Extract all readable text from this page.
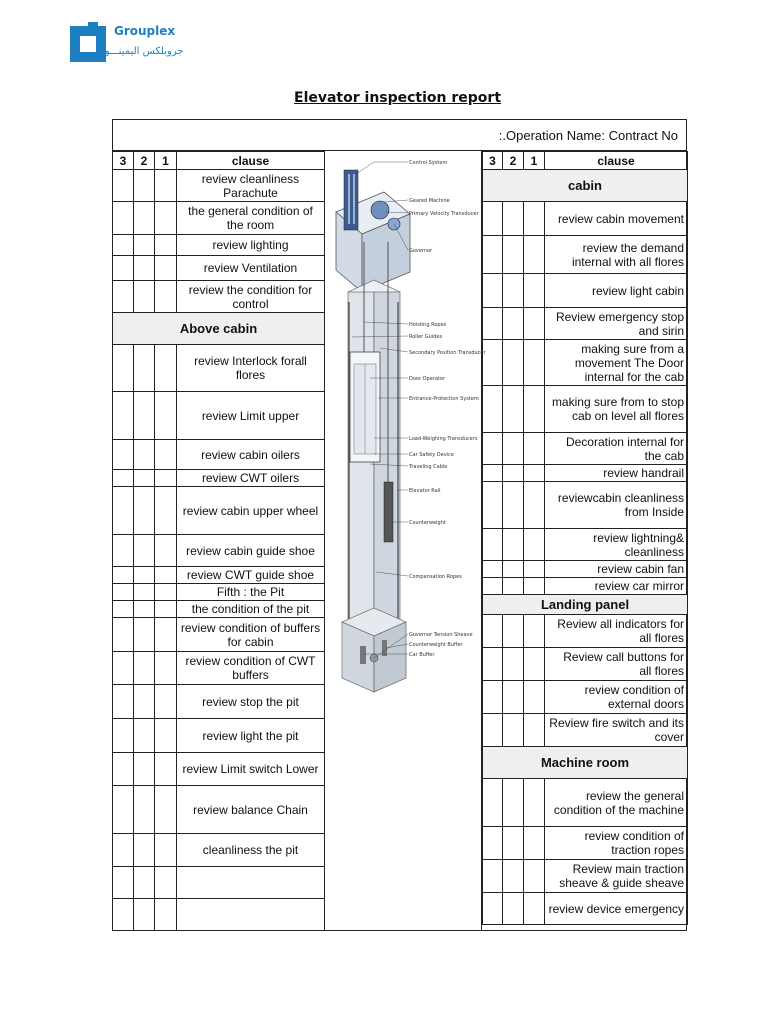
Grouplex
جروبلكس اليمينـــور
Elevator inspection report
:.Operation Name: Contract No
3	2	1	clause
			review cleanliness Parachute
			the general condition of the room
			review lighting
			review Ventilation
			review the condition for control
Above cabin			
			review Interlock forall flores
			review Limit upper
			review cabin oilers
			review CWT oilers
			review cabin upper wheel
			review cabin guide shoe
			review CWT guide shoe
			Fifth : the Pit
			the condition of the pit
			review condition of buffers for cabin
			review condition of CWT buffers
			review stop the pit
			review light the pit
			review Limit switch Lower
			review balance Chain
			cleanliness the pit

Control System
Geared Machine
Primary Velocity Transducer
Governor
Hoisting Ropes
Roller Guides
Secondary Position Transducer
Door Operator
Entrance-Protection System
Load-Weighing Transducers
Car Safety Device
Traveling Cable
Elevator Rail
Counterweight
Compensation Ropes
Governor Tension Sheave
Counterweight Buffer
Car Buffer
3	2	1	clause
cabin			
			review cabin movement
			review the demand internal with all flores
			review light cabin
			Review emergency stop and sirin
			making sure from a movement The Door internal for the cab
			making sure from to stop cab on level all flores
			Decoration internal for the cab
			review handrail
			reviewcabin cleanliness from Inside
			review lightning& cleanliness
			review cabin fan
			review car mirror
Landing panel			
			Review all indicators for all flores
			Review call buttons for all flores
			review condition of external doors
			Review fire switch and its cover
Machine room			
			review the general condition of the machine
			review condition of traction ropes
			Review main traction sheave & guide sheave
			review device emergency
